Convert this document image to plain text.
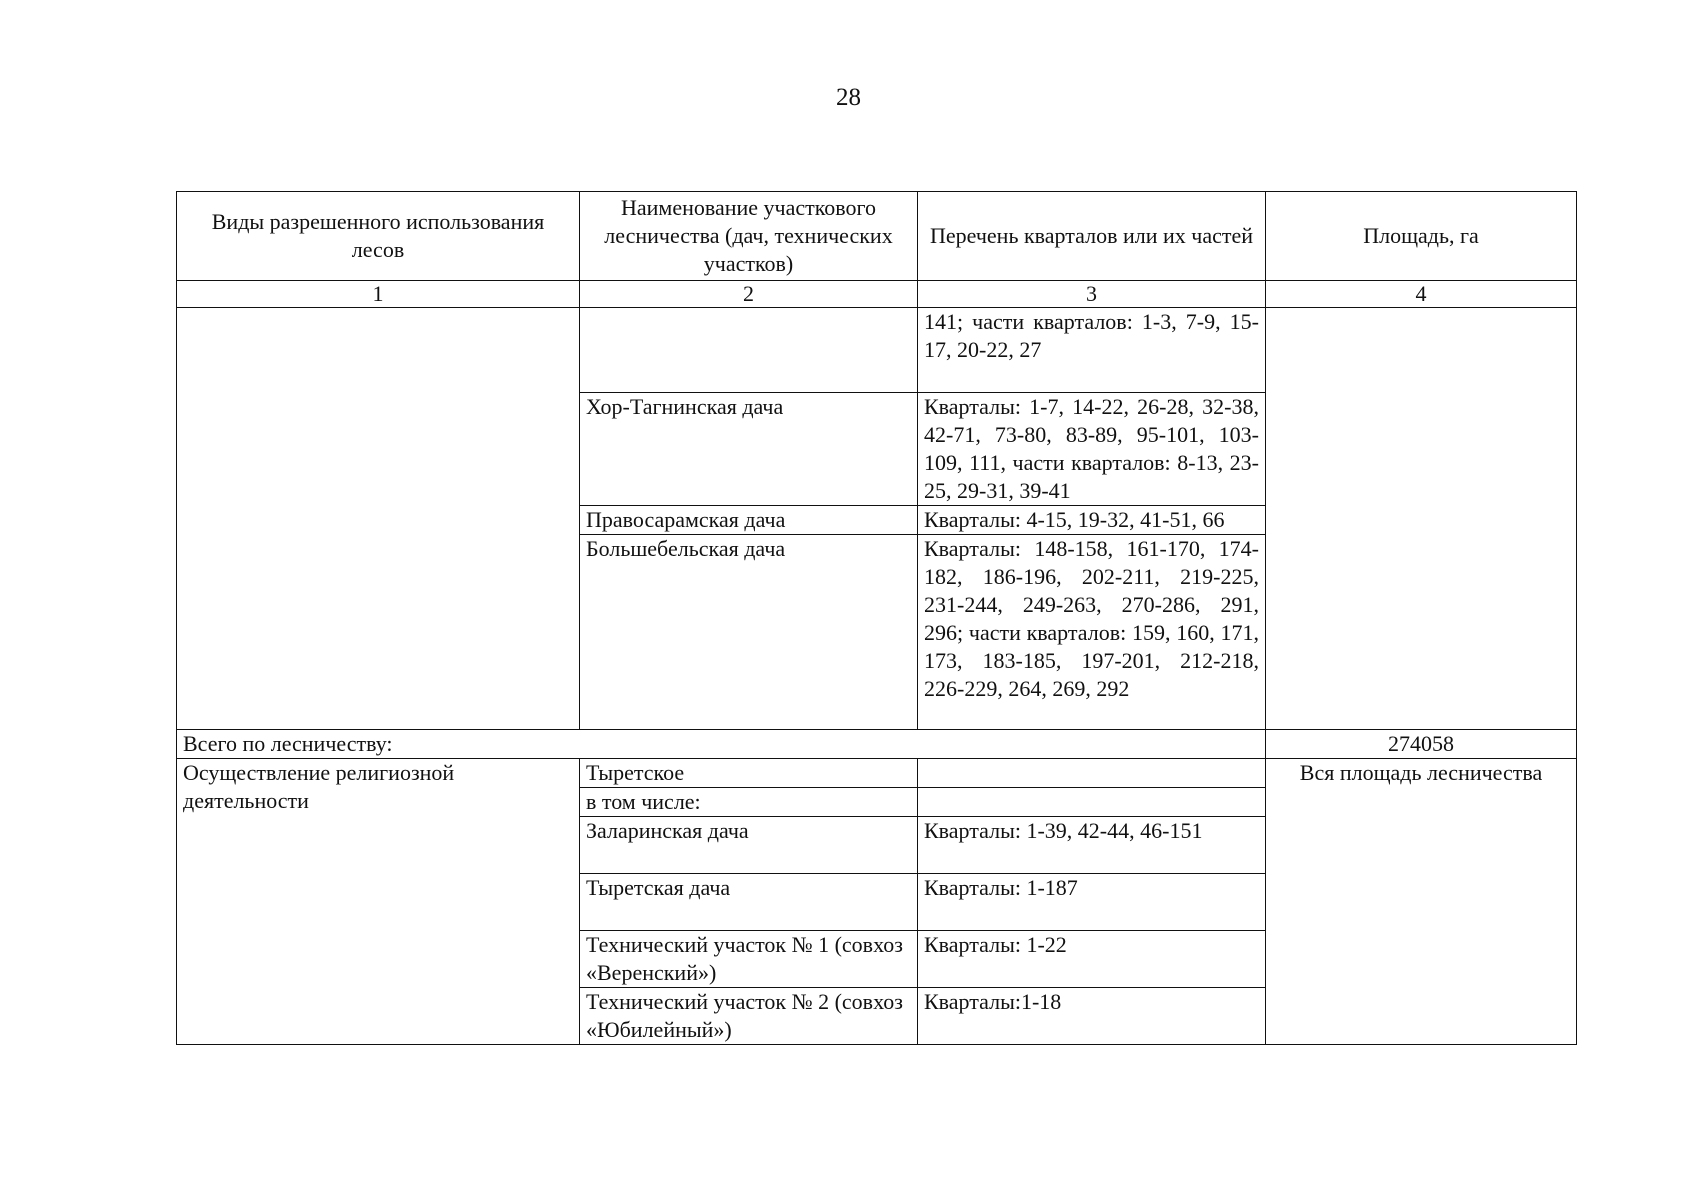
28
Виды разрешенного использования лесов	Наименование участкового лесничества (дач, технических участков)	Перечень кварталов или их частей	Площадь, га
1	2	3	4
		141; части кварталов: 1-3, 7-9, 15-17, 20-22, 27	
	Хор-Тагнинская дача	Кварталы: 1-7, 14-22, 26-28, 32-38, 42-71, 73-80, 83-89, 95-101, 103-109, 111, части кварталов: 8-13, 23-25, 29-31, 39-41	
	Правосарамская дача	Кварталы: 4-15, 19-32, 41-51, 66	
	Большебельская дача	Кварталы: 148-158, 161-170, 174-182, 186-196, 202-211, 219-225, 231-244, 249-263, 270-286, 291, 296; части кварталов: 159, 160, 171, 173, 183-185, 197-201, 212-218, 226-229, 264, 269, 292	
Всего по лесничеству:			274058
Осуществление религиозной деятельности	Тыретское		Вся площадь лесничества
	в том числе:		
	Заларинская дача	Кварталы: 1-39, 42-44, 46-151	
	Тыретская дача	Кварталы: 1-187	
	Технический участок № 1 (совхоз «Веренский»)	Кварталы: 1-22	
	Технический участок № 2 (совхоз «Юбилейный»)	Кварталы:1-18	
